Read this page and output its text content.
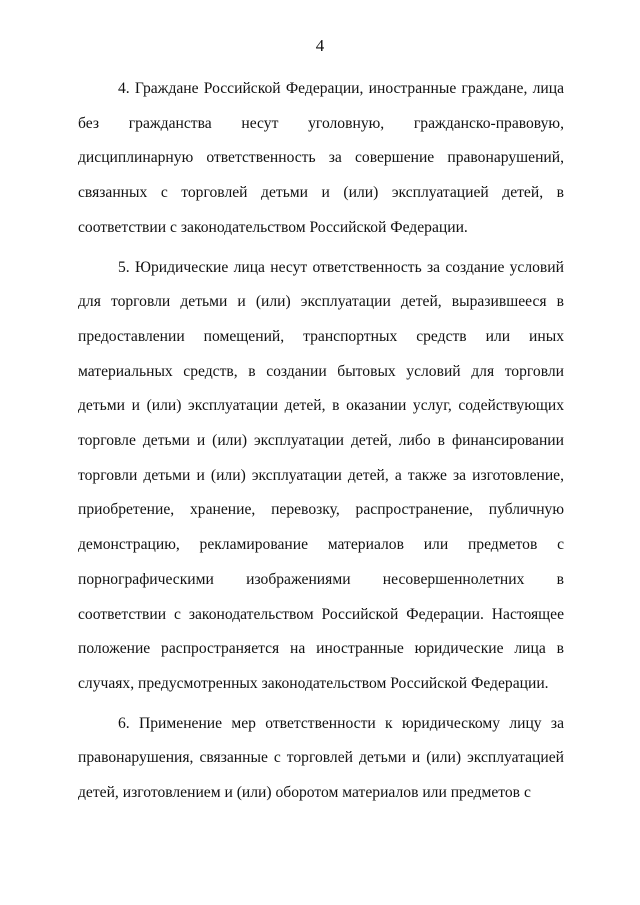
4

4. Граждане Российской Федерации, иностранные граждане, лица без гражданства несут уголовную, гражданско-правовую, дисциплинарную ответственность за совершение правонарушений, связанных с торговлей детьми и (или) эксплуатацией детей, в соответствии с законодательством Российской Федерации.

5. Юридические лица несут ответственность за создание условий для торговли детьми и (или) эксплуатации детей, выразившееся в предоставлении помещений, транспортных средств или иных материальных средств, в создании бытовых условий для торговли детьми и (или) эксплуатации детей, в оказании услуг, содействующих торговле детьми и (или) эксплуатации детей, либо в финансировании торговли детьми и (или) эксплуатации детей, а также за изготовление, приобретение, хранение, перевозку, распространение, публичную демонстрацию, рекламирование материалов или предметов с порнографическими изображениями несовершеннолетних в соответствии с законодательством Российской Федерации. Настоящее положение распространяется на иностранные юридические лица в случаях, предусмотренных законодательством Российской Федерации.

6. Применение мер ответственности к юридическому лицу за правонарушения, связанные с торговлей детьми и (или) эксплуатацией детей, изготовлением и (или) оборотом материалов или предметов с
